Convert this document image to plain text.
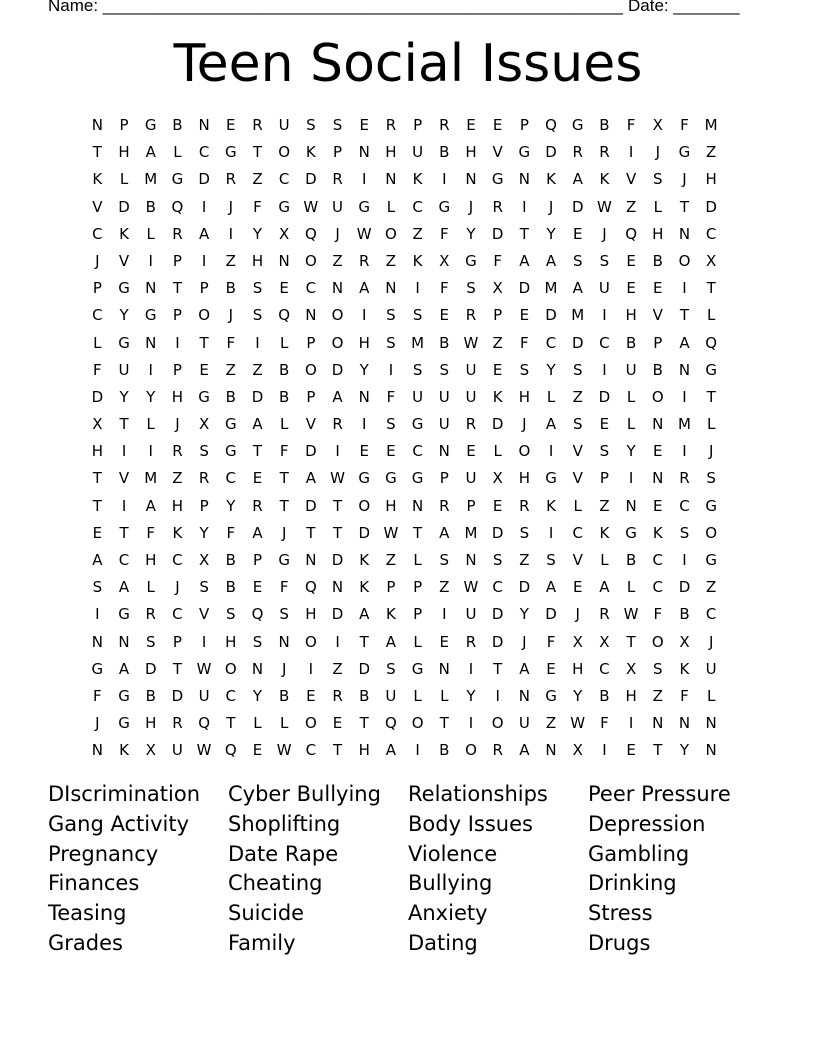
Name: _______________________________________________________ Date: _______
Teen Social Issues
N	P	G	B	N	E	R	U	S	S	E	R	P	R	E	E	P	Q G	B	F	X	F	M
T	H	A	L	C	G	T	O	K	P	N	H	U	B	H	V	G	D	R	R	I	J	G	Z
K	L	M G	D	R	Z	C	D	R	I	N	K	I	N	G	N	K	A	K	V	S	J	H
V	D	B	Q	I	J	F	G W U	G	L	C	G	J	R	I	J	D W Z	L	T	D
C	K	L	R	A	I	Y	X	Q	J	W O	Z	F	Y	D	T	Y	E	J	Q	H	N	C
J	V	I	P	I	Z	H	N	O	Z	R	Z	K	X	G	F	A	A	S	S	E	B	O	X
P	G	N	T	P	B	S	E	C	N	A	N	I	F	S	X	D M	A	U	E	E	I	T
C	Y	G	P	O	J	S	Q	N	O	I	S	S	E	R	P	E	D M	I	H	V	T	L
L	G	N	I	T	F	I	L	P	O	H	S	M	B W Z	F	C	D	C	B	P	A	Q
F	U	I	P	E	Z	Z	B	O	D	Y	I	S	S	U	E	S	Y	S	I	U	B	N	G
D	Y	Y	H	G	B	D	B	P	A	N	F	U	U	U	K	H	L	Z	D	L	O	I	T
X	T	L	J	X	G	A	L	V	R	I	S	G	U	R	D	J	A	S	E	L	N M	L
H	I	I	R	S	G	T	F	D	I	E	E	C	N	E	L	O	I	V	S	Y	E	I	J
T	V	M	Z	R	C	E	T	A W G	G	G	P	U	X	H	G	V	P	I	N	R	S
T	I	A	H	P	Y	R	T	D	T	O	H	N	R	P	E	R	K	L	Z	N	E	C	G
E	T	F	K	Y	F	A	J	T	T	D W T	A	M D	S	I	C	K	G	K	S	O
A	C	H	C	X	B	P	G	N	D	K	Z	L	S	N	S	Z	S	V	L	B	C	I	G
S	A	L	J	S	B	E	F	Q	N	K	P	P	Z W C	D	A	E	A	L	C	D	Z
I	G	R	C	V	S	Q	S	H	D	A	K	P	I	U	D	Y	D	J	R W F	B	C
N	N	S	P	I	H	S	N	O	I	T	A	L	E	R	D	J	F	X	X	T	O	X	J
G	A	D	T W O	N	J	I	Z	D	S	G	N	I	T	A	E	H	C	X	S	K	U
F	G	B	D	U	C	Y	B	E	R	B	U	L	L	Y	I	N	G	Y	B	H	Z	F	L
J	G	H	R	Q	T	L	L	O	E	T	Q O	T	I	O	U	Z W F	I	N	N	N
N	K	X	U W Q	E W C	T	H	A	I	B	O	R	A	N	X	I	E	T	Y	N
DIscrimination	Cyber Bullying	Relationships	Peer Pressure
Gang Activity	Shoplifting	Body Issues	Depression
Pregnancy	Date Rape	Violence	Gambling
Finances	Cheating	Bullying	Drinking
Teasing	Suicide	Anxiety	Stress
Grades	Family	Dating	Drugs
